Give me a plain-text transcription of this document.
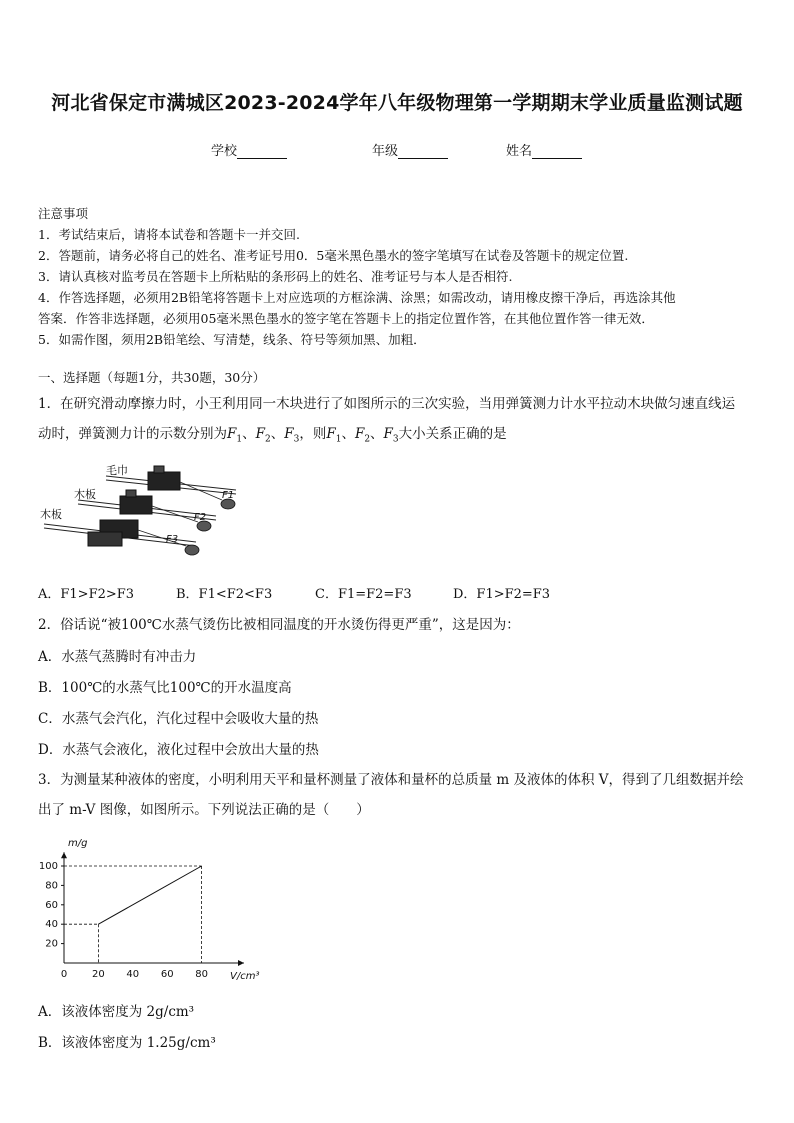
河北省保定市满城区2023-2024学年八年级物理第一学期期末学业质量监测试题
学校	年级	姓名
注意事项
1．考试结束后，请将本试卷和答题卡一并交回.
2．答题前，请务必将自己的姓名、准考证号用0．5毫米黑色墨水的签字笔填写在试卷及答题卡的规定位置.
3．请认真核对监考员在答题卡上所粘贴的条形码上的姓名、准考证号与本人是否相符.
4．作答选择题，必须用2B铅笔将答题卡上对应选项的方框涂满、涂黑；如需改动，请用橡皮擦干净后，再选涂其他
答案．作答非选择题，必须用05毫米黑色墨水的签字笔在答题卡上的指定位置作答，在其他位置作答一律无效．
5．如需作图，须用2B铅笔绘、写清楚，线条、符号等须加黑、加粗．
一、选择题（每题1分，共30题，30分）
1．在研究滑动摩擦力时，小王利用同一木块进行了如图所示的三次实验，当用弹簧测力计水平拉动木块做匀速直线运
动时，弹簧测力计的示数分别为$F_1$、$F_2$、$F_3$，则$F_1$、$F_2$、$F_3$大小关系正确的是
毛巾
木板
木板
F1
F2
F3
A．F1>F2>F3	B．F1<F2<F3	C．F1=F2=F3	D．F1>F2=F3
2．俗话说“被100℃水蒸气烫伤比被相同温度的开水烫伤得更严重”，这是因为：
A．水蒸气蒸腾时有冲击力
B．100℃的水蒸气比100℃的开水温度高
C．水蒸气会汽化，汽化过程中会吸收大量的热
D．水蒸气会液化，液化过程中会放出大量的热
3．为测量某种液体的密度，小明利用天平和量杯测量了液体和量杯的总质量 m 及液体的体积 V，得到了几组数据并绘
出了 m-V 图像，如图所示。下列说法正确的是（　　）
0 20 40 60 80
20
40
60
80
100
m/g
V/cm³
A．该液体密度为 2g/cm³
B．该液体密度为 1.25g/cm³
